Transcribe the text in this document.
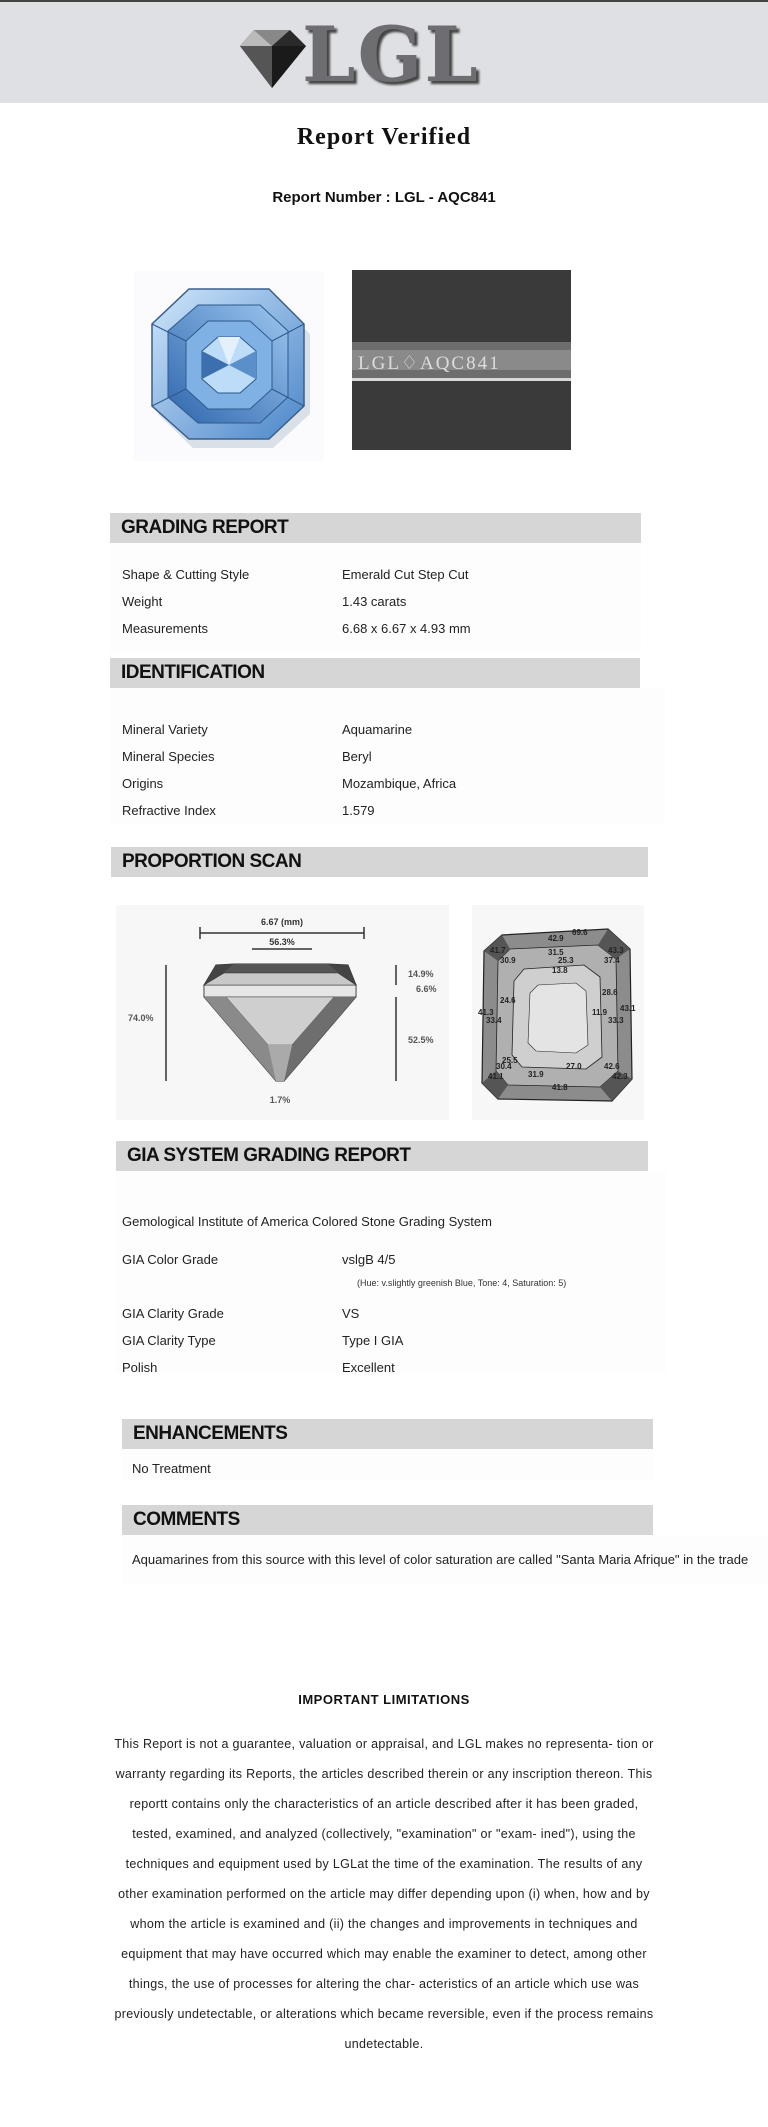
LGL
Report Verified
Report Number : LGL - AQC841
LGL♢AQC841
GRADING REPORT
Shape & Cutting Style	Emerald Cut Step Cut
Weight	1.43 carats
Measurements	6.68 x 6.67 x 4.93 mm
IDENTIFICATION
Mineral Variety	Aquamarine
Mineral Species	Beryl
Origins	Mozambique, Africa
Refractive Index	1.579
PROPORTION SCAN
6.67 (mm)
56.3%
74.0%
14.9%
6.6%
52.5%
1.7%
69.6
42.9
41.7	31.5	43.3
30.9	25.3	37.4
13.8
28.6
24.6
43.1
41.3	11.9
33.4	33.3
25.5
30.4	27.0	42.6
41.1	31.9	42.3
41.8
GIA SYSTEM GRADING REPORT
Gemological Institute of America Colored Stone Grading System
GIA Color Grade	vslgB 4/5
(Hue: v.slightly greenish Blue, Tone: 4, Saturation: 5)
GIA Clarity Grade	VS
GIA Clarity Type	Type I GIA
Polish	Excellent
ENHANCEMENTS
No Treatment
COMMENTS
Aquamarines from this source with this level of color saturation are called "Santa Maria Afrique" in the trade
IMPORTANT LIMITATIONS
This Report is not a guarantee, valuation or appraisal, and LGL makes no representa- tion or warranty regarding its Reports, the articles described therein or any inscription thereon. This reportt contains only the characteristics of an article described after it has been graded, tested, examined, and analyzed (collectively, "examination" or "exam- ined"), using the techniques and equipment used by LGLat the time of the examination. The results of any other examination performed on the article may differ depending upon (i) when, how and by whom the article is examined and (ii) the changes and improvements in techniques and equipment that may have occurred which may enable the examiner to detect, among other things, the use of processes for altering the char- acteristics of an article which use was previously undetectable, or alterations which became reversible, even if the process remains undetectable.
